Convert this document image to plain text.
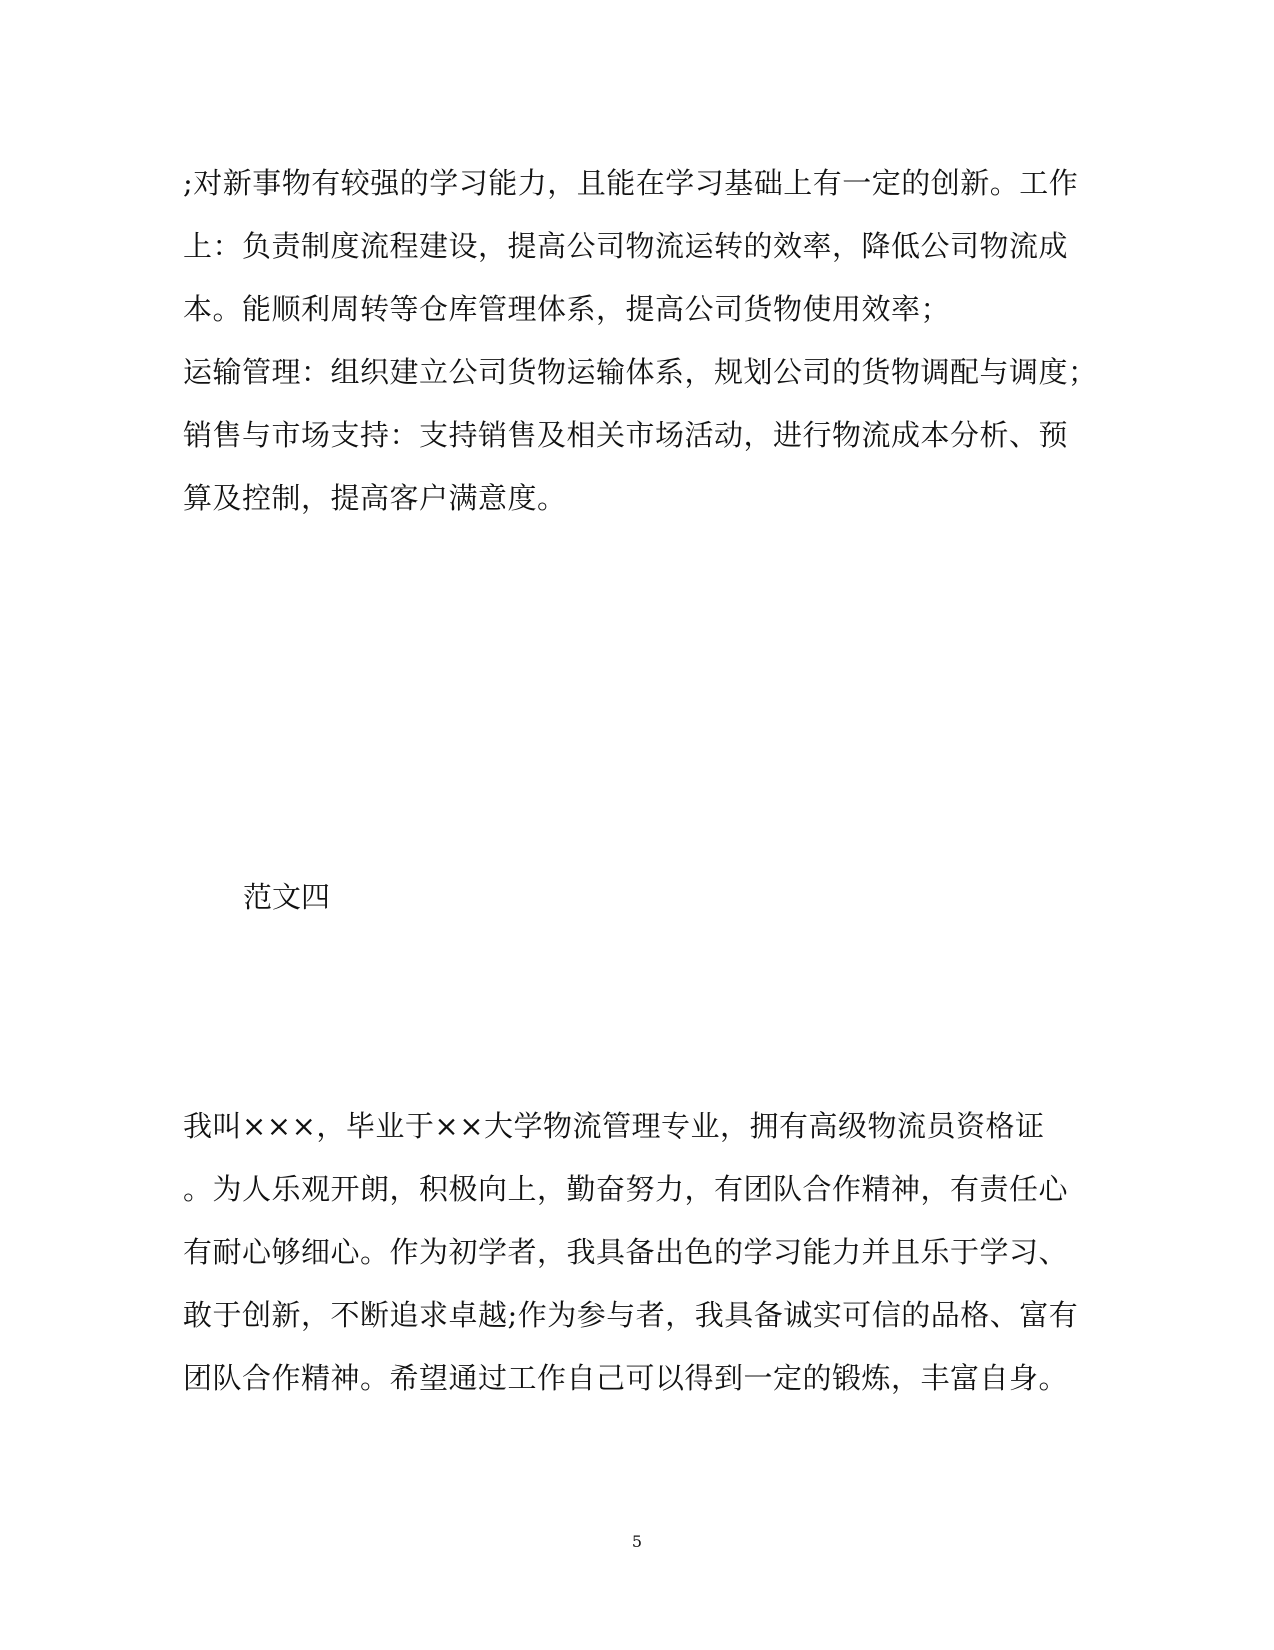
;对新事物有较强的学习能力，且能在学习基础上有一定的创新。工作
上：负责制度流程建设，提高公司物流运转的效率，降低公司物流成
本。能顺利周转等仓库管理体系，提高公司货物使用效率；
运输管理：组织建立公司货物运输体系，规划公司的货物调配与调度；
销售与市场支持：支持销售及相关市场活动，进行物流成本分析、预
算及控制，提高客户满意度。
范文四
我叫×××，毕业于××大学物流管理专业，拥有高级物流员资格证
。为人乐观开朗，积极向上，勤奋努力，有团队合作精神，有责任心
有耐心够细心。作为初学者，我具备出色的学习能力并且乐于学习、
敢于创新，不断追求卓越;作为参与者，我具备诚实可信的品格、富有
团队合作精神。希望通过工作自己可以得到一定的锻炼，丰富自身。
5
